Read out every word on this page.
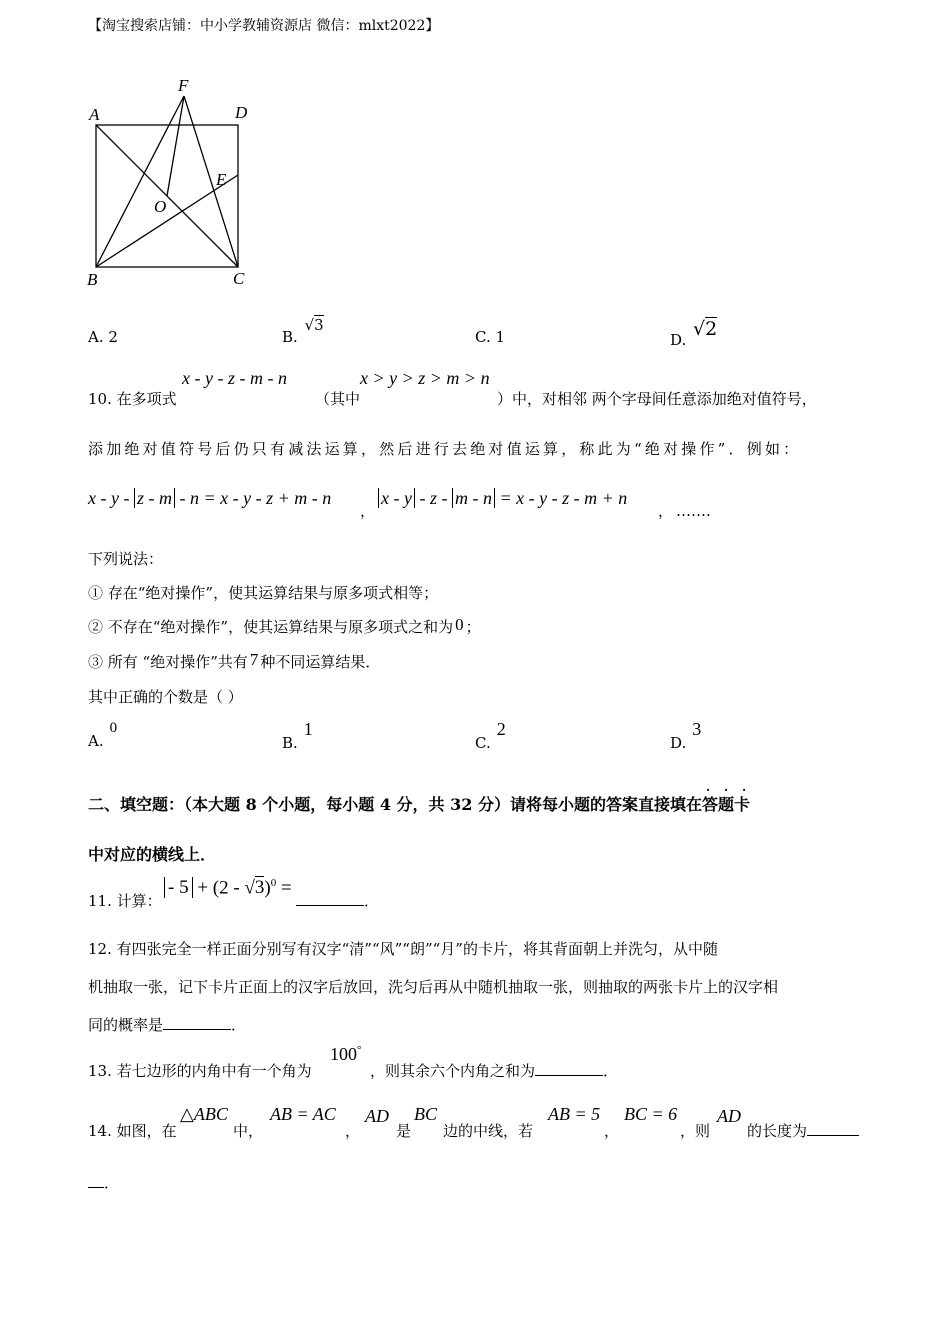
【淘宝搜索店铺：中小学教辅资源店 微信：mlxt2022】
F
A	D
E
O
B	C
A. 2	B. √3
C. 1	D. √2
10. 在多项式
x - y - z - m - n
（其中
x > y > z > m > n
）中，对相邻 两个字母间任意添加绝对值符号，
添加绝对值符号后仍只有减法运算，然后进行去绝对值运算，称此为“绝对操作”．例如：
x - y - z - m - n = x - y - z + m - n
，
x - y - z - m - n = x - y - z - m + n
， …….
下列说法：
① 存在“绝对操作”，使其运算结果与原多项式相等；
② 不存在“绝对操作”，使其运算结果与原多项式之和为 0 ；
③ 所有 “绝对操作”共有 7 种不同运算结果．
其中正确的个数是（ ）
A.0
B.1
C.2
D.3
二、填空题：（本大题 8 个小题，每小题 4 分，共 32 分）请将每小题的答案直接填在答题卡
· · ·
中对应的横线上．
11. 计算：
- 5 + (2 - √3)$^0$ =
．
12. 有四张完全一样正面分别写有汉字“清”“风”“朗”“月”的卡片，将其背面朝上并洗匀，从中随
机抽取一张，记下卡片正面上的汉字后放回，洗匀后再从中随机抽取一张，则抽取的两张卡片上的汉字相
同的概率是	．
13. 若七边形的内角中有一个角为
100°
，则其余六个内角之和为	．
14. 如图，在
△ABC
中，
AB = AC
，
AD
是
BC
边的中线，若
AB = 5
，
BC = 6
，则
AD
的长度为
．
